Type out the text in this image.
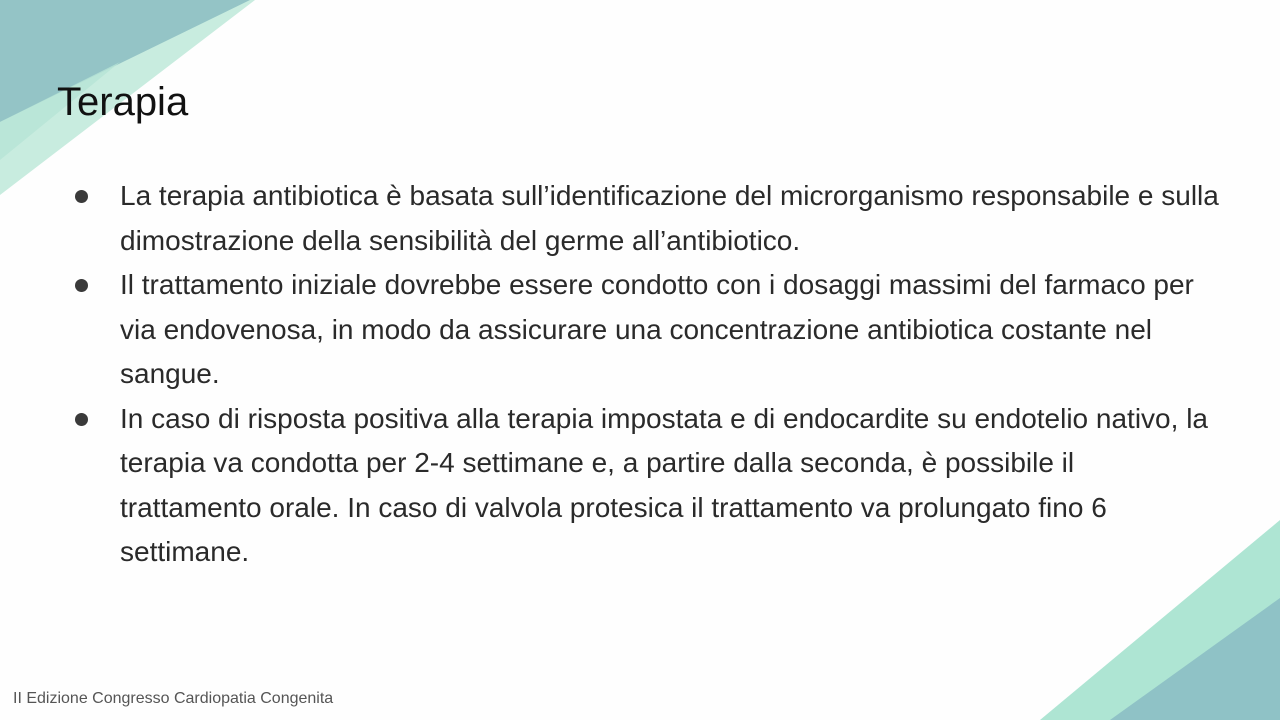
Terapia
La terapia antibiotica è basata sull’identificazione del microrganismo responsabile e sulla dimostrazione della sensibilità del germe all’antibiotico.
Il trattamento iniziale dovrebbe essere condotto con i dosaggi massimi del farmaco per via endovenosa, in modo da assicurare una concentrazione antibiotica costante nel sangue.
In caso di risposta positiva alla terapia impostata e di endocardite su endotelio nativo, la terapia va condotta per 2-4 settimane e, a partire dalla seconda, è possibile il trattamento orale. In caso di valvola protesica il trattamento va prolungato fino 6 settimane.
II Edizione Congresso Cardiopatia Congenita
